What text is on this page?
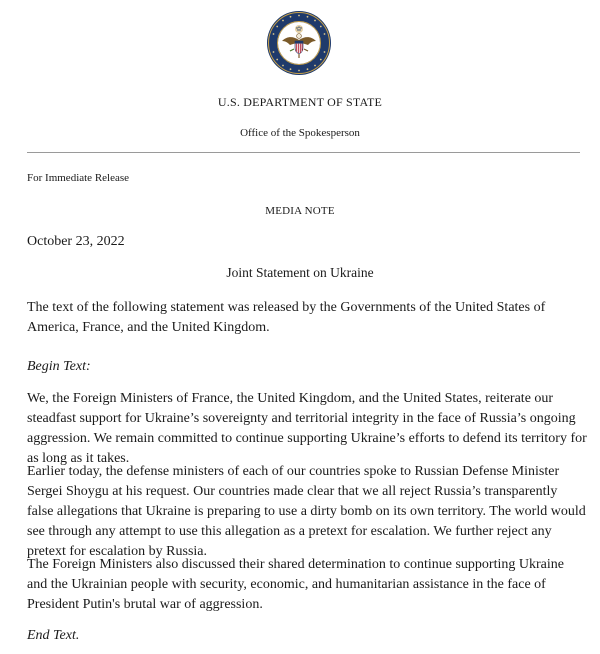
U.S. DEPARTMENT OF STATE
Office of the Spokesperson
For Immediate Release
MEDIA NOTE
October 23, 2022
Joint Statement on Ukraine
The text of the following statement was released by the Governments of the United States of America, France, and the United Kingdom.
Begin Text:
We, the Foreign Ministers of France, the United Kingdom, and the United States, reiterate our steadfast support for Ukraine’s sovereignty and territorial integrity in the face of Russia’s ongoing aggression. We remain committed to continue supporting Ukraine’s efforts to defend its territory for as long as it takes.
Earlier today, the defense ministers of each of our countries spoke to Russian Defense Minister Sergei Shoygu at his request. Our countries made clear that we all reject Russia’s transparently false allegations that Ukraine is preparing to use a dirty bomb on its own territory. The world would see through any attempt to use this allegation as a pretext for escalation. We further reject any pretext for escalation by Russia.
The Foreign Ministers also discussed their shared determination to continue supporting Ukraine and the Ukrainian people with security, economic, and humanitarian assistance in the face of President Putin's brutal war of aggression.
End Text.
